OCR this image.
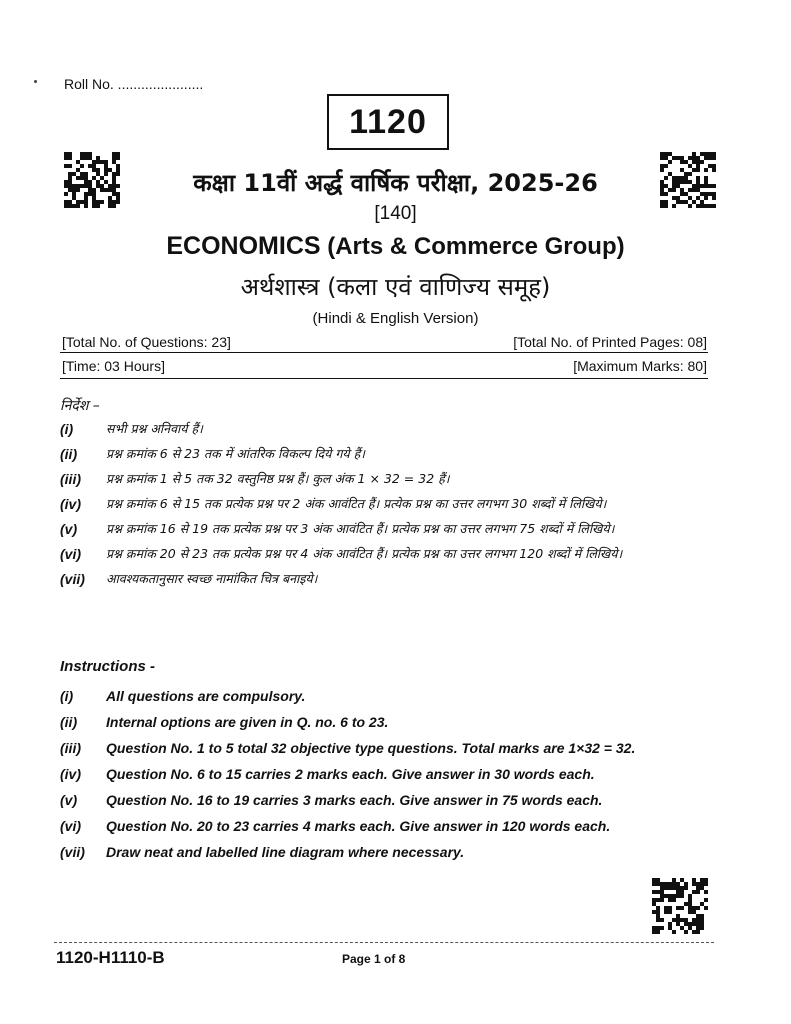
Roll No. ......................
1120
कक्षा 11वीं अर्द्ध वार्षिक परीक्षा, 2025-26
[140]
ECONOMICS (Arts & Commerce Group)
अर्थशास्त्र (कला एवं वाणिज्य समूह)
(Hindi & English Version)
[Total No. of Questions: 23]	[Total No. of Printed Pages: 08]
[Time: 03 Hours]	[Maximum Marks: 80]
निर्देश –
(i)	सभी प्रश्न अनिवार्य हैं।
(ii)	प्रश्न क्रमांक 6 से 23 तक में आंतरिक विकल्प दिये गये हैं।
(iii)	प्रश्न क्रमांक 1 से 5 तक 32 वस्तुनिष्ठ प्रश्न हैं। कुल अंक 1 × 32 = 32 हैं।
(iv)	प्रश्न क्रमांक 6 से 15 तक प्रत्येक प्रश्न पर 2 अंक आवंटित हैं। प्रत्येक प्रश्न का उत्तर लगभग 30 शब्दों में लिखिये।
(v)	प्रश्न क्रमांक 16 से 19 तक प्रत्येक प्रश्न पर 3 अंक आवंटित हैं। प्रत्येक प्रश्न का उत्तर लगभग 75 शब्दों में लिखिये।
(vi)	प्रश्न क्रमांक 20 से 23 तक प्रत्येक प्रश्न पर 4 अंक आवंटित हैं। प्रत्येक प्रश्न का उत्तर लगभग 120 शब्दों में लिखिये।
(vii)	आवश्यकतानुसार स्वच्छ नामांकित चित्र बनाइये।
Instructions -
(i)	All questions are compulsory.
(ii)	Internal options are given in Q. no. 6 to 23.
(iii)	Question No. 1 to 5 total 32 objective type questions. Total marks are 1×32 = 32.
(iv)	Question No. 6 to 15 carries 2 marks each. Give answer in 30 words each.
(v)	Question No. 16 to 19 carries 3 marks each. Give answer in 75 words each.
(vi)	Question No. 20 to 23 carries 4 marks each. Give answer in 120 words each.
(vii)	Draw neat and labelled line diagram where necessary.
1120-H1110-B	Page 1 of 8
